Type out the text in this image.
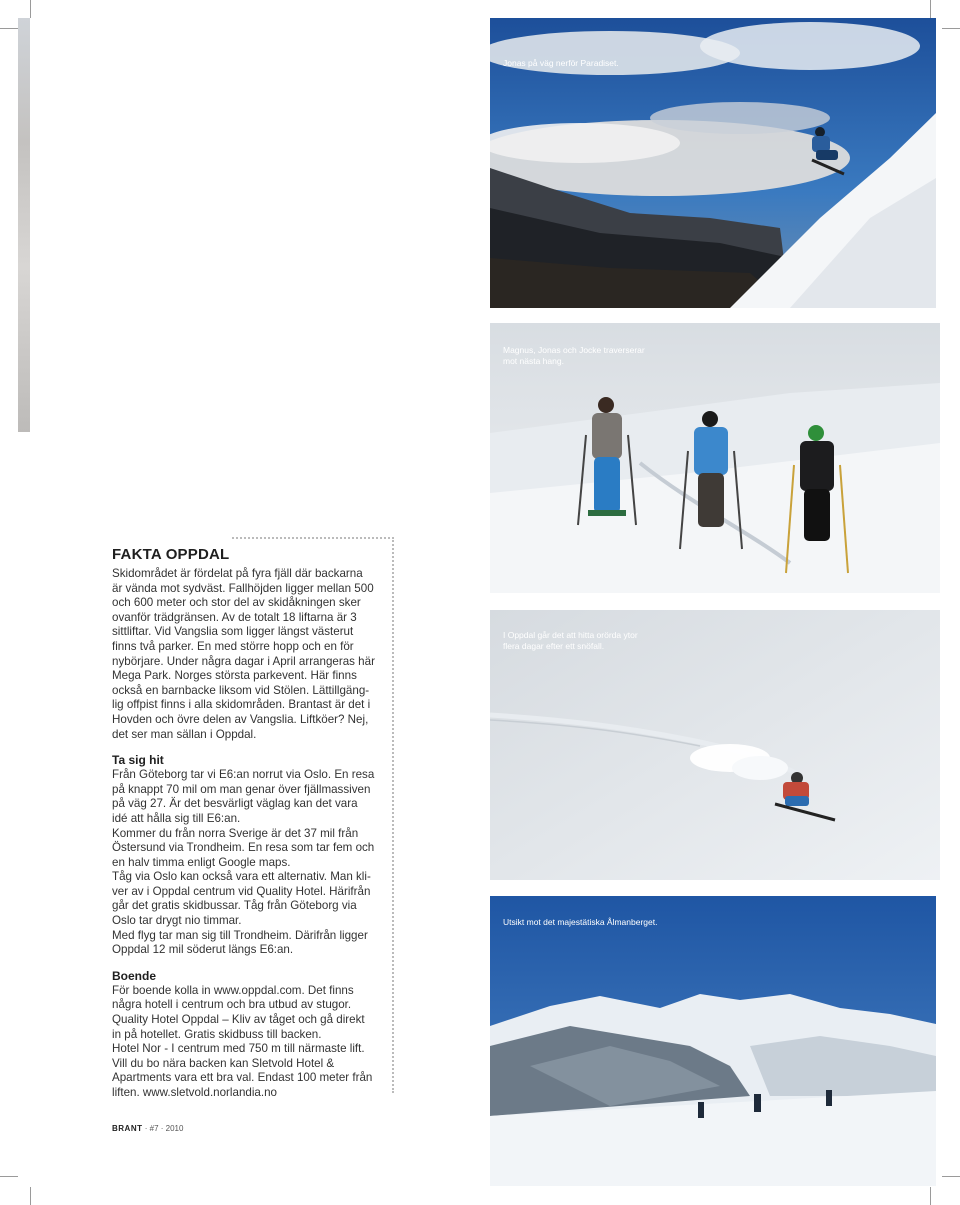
FAKTA OPPDAL

Skidområdet är fördelat på fyra fjäll där backarna
är vända mot sydväst. Fallhöjden ligger mellan 500
och 600 meter och stor del av skidåkningen sker
ovanför trädgränsen. Av de totalt 18 liftarna är 3
sittliftar. Vid Vangslia som ligger längst västerut
finns två parker. En med större hopp och en för
nybörjare. Under några dagar i April arrangeras här
Mega Park. Norges största parkevent. Här finns
också en barnbacke liksom vid Stölen. Lättillgäng-
lig offpist finns i alla skidområden. Brantast är det i
Hovden och övre delen av Vangslia. Liftköer? Nej,
det ser man sällan i Oppdal.

Ta sig hit

Från Göteborg tar vi E6:an norrut via Oslo. En resa
på knappt 70 mil om man genar över fjällmassiven
på väg 27. Är det besvärligt väglag kan det vara
idé att hålla sig till E6:an.
Kommer du från norra Sverige är det 37 mil från
Östersund via Trondheim. En resa som tar fem och
en halv timma enligt Google maps.
Tåg via Oslo kan också vara ett alternativ. Man kli-
ver av i Oppdal centrum vid Quality Hotel. Härifrån
går det gratis skidbussar. Tåg från Göteborg via
Oslo tar drygt nio timmar.
Med flyg tar man sig till Trondheim. Därifrån ligger
Oppdal 12 mil söderut längs E6:an.

Boende

För boende kolla in www.oppdal.com. Det finns
några hotell i centrum och bra utbud av stugor.
Quality Hotel Oppdal – Kliv av tåget och gå direkt
in på hotellet. Gratis skidbuss till backen.
Hotel Nor - I centrum med 750 m till närmaste lift.
Vill du bo nära backen kan Sletvold Hotel &
Apartments vara ett bra val. Endast 100 meter från
liften. www.sletvold.norlandia.no

BRANT · #7 · 2010
Jonas på väg nerför Paradiset.
Magnus, Jonas och Jocke traverserar
mot nästa hang.
I Oppdal går det att hitta orörda ytor
flera dagar efter ett snöfall.
Utsikt mot det majestätiska Ålmanberget.
